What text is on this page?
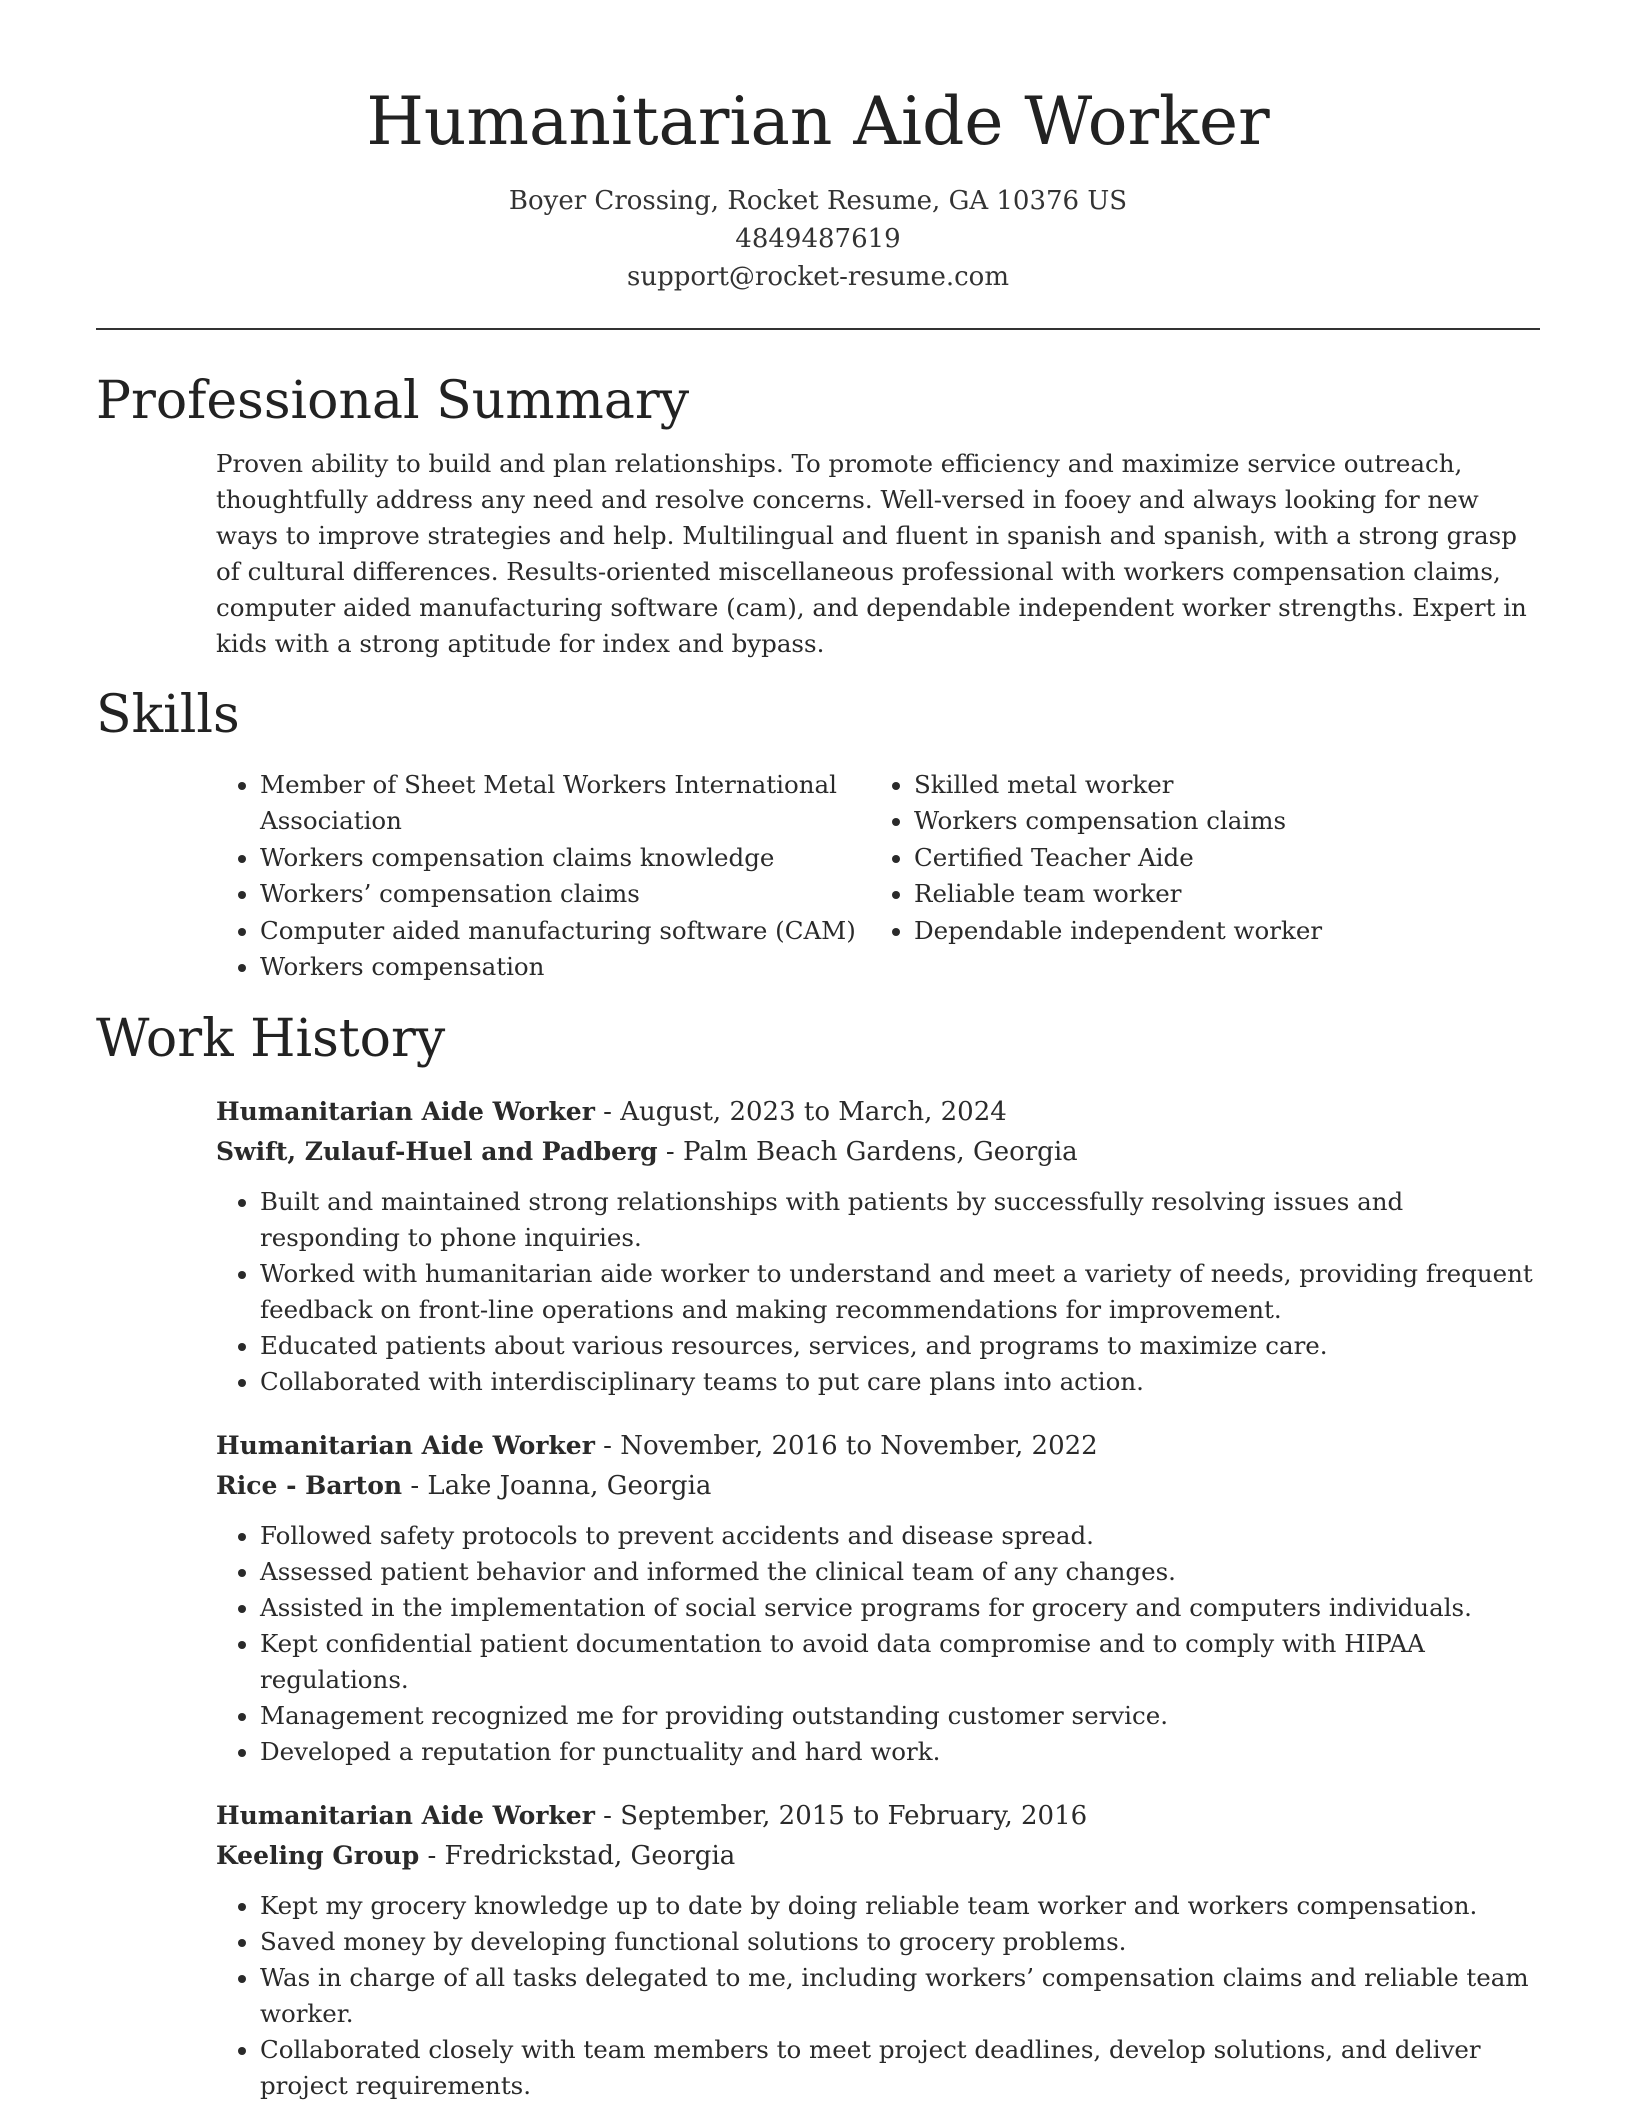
Humanitarian Aide Worker
Boyer Crossing, Rocket Resume, GA 10376 US
4849487619
support@rocket-resume.com
Professional Summary

Proven ability to build and plan relationships. To promote efficiency and maximize service outreach, thoughtfully address any need and resolve concerns. Well-versed in fooey and always looking for new ways to improve strategies and help. Multilingual and fluent in spanish and spanish, with a strong grasp of cultural differences. Results-oriented miscellaneous professional with workers compensation claims, computer aided manufacturing software (cam), and dependable independent worker strengths. Expert in kids with a strong aptitude for index and bypass.

Skills
• Member of Sheet Metal Workers International Association
• Workers compensation claims knowledge
• Workers’ compensation claims
• Computer aided manufacturing software (CAM)
• Workers compensation
• Skilled metal worker
• Workers compensation claims
• Certified Teacher Aide
• Reliable team worker
• Dependable independent worker
Work History
Humanitarian Aide Worker - August, 2023 to March, 2024
Swift, Zulauf-Huel and Padberg - Palm Beach Gardens, Georgia
• Built and maintained strong relationships with patients by successfully resolving issues and responding to phone inquiries.
• Worked with humanitarian aide worker to understand and meet a variety of needs, providing frequent feedback on front-line operations and making recommendations for improvement.
• Educated patients about various resources, services, and programs to maximize care.
• Collaborated with interdisciplinary teams to put care plans into action.
Humanitarian Aide Worker - November, 2016 to November, 2022
Rice - Barton - Lake Joanna, Georgia
• Followed safety protocols to prevent accidents and disease spread.
• Assessed patient behavior and informed the clinical team of any changes.
• Assisted in the implementation of social service programs for grocery and computers individuals.
• Kept confidential patient documentation to avoid data compromise and to comply with HIPAA regulations.
• Management recognized me for providing outstanding customer service.
• Developed a reputation for punctuality and hard work.
Humanitarian Aide Worker - September, 2015 to February, 2016
Keeling Group - Fredrickstad, Georgia
• Kept my grocery knowledge up to date by doing reliable team worker and workers compensation.
• Saved money by developing functional solutions to grocery problems.
• Was in charge of all tasks delegated to me, including workers’ compensation claims and reliable team worker.
• Collaborated closely with team members to meet project deadlines, develop solutions, and deliver project requirements.
